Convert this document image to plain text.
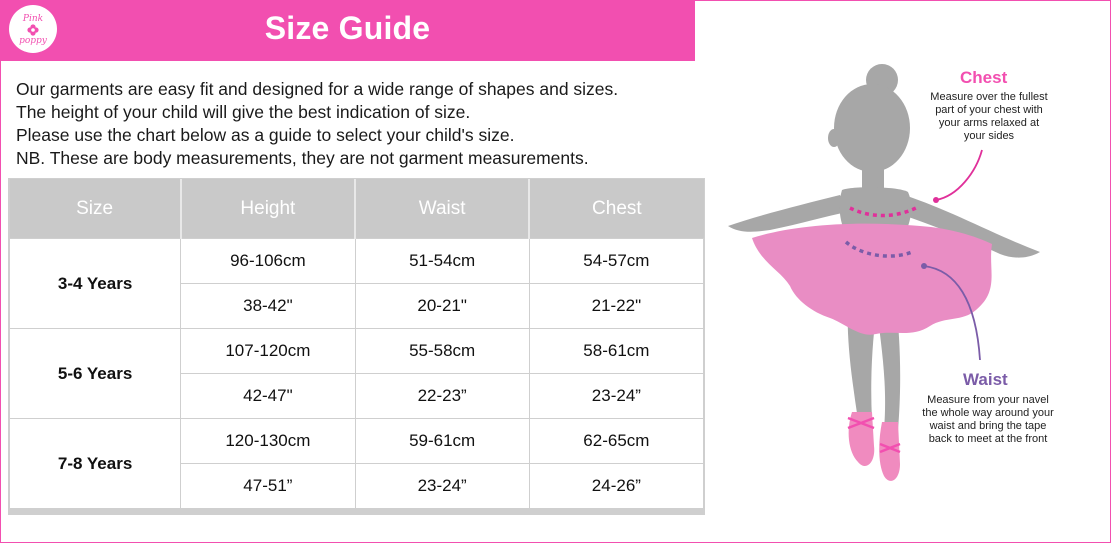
Pink
poppy	Size Guide

Our garments are easy fit and designed for a wide range of shapes and sizes.

The height of your child will give the best indication of size.

Please use the chart below as a guide to select your child's size.

NB. These are body measurements, they are not garment measurements.

Size	Height	Waist	Chest
3-4 Years	96-106cm	51-54cm	54-57cm
	38-42"	20-21"	21-22"
5-6 Years	107-120cm	55-58cm	58-61cm
	42-47"	22-23”	23-24”
7-8 Years	120-130cm	59-61cm	62-65cm
	47-51”	23-24”	24-26”
Chest
Measure over the fullest
part of your chest with
your arms relaxed at
your sides
Waist
Measure from your navel
the whole way around your
waist and bring the tape
back to meet at the front
